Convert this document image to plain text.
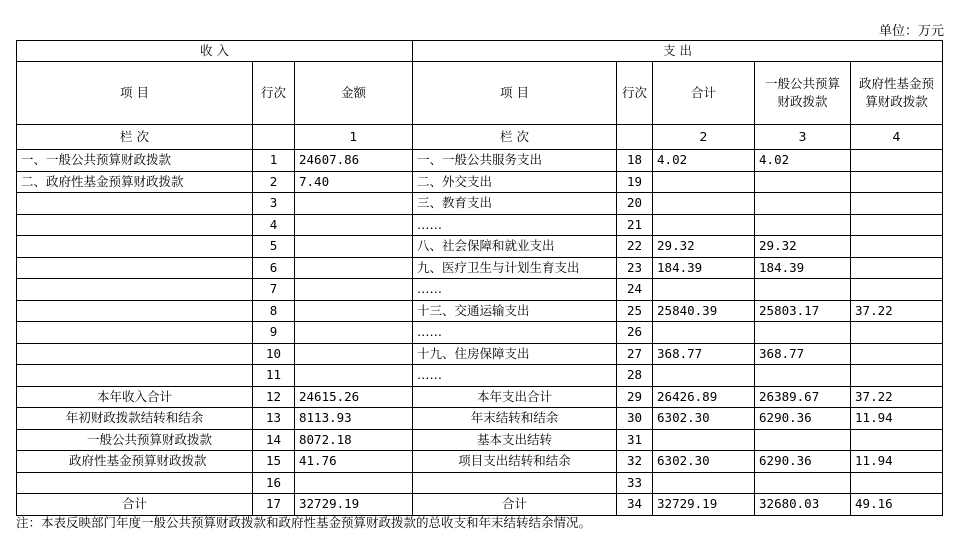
单位：万元
收 入			支 出				
项 目	行次	金额	项 目	行次	合计	一般公共预算财政拨款	政府性基金预算财政拨款
栏 次		1	栏 次		2	3	4
一、一般公共预算财政拨款	1	24607.86	一、一般公共服务支出	18	4.02	4.02	
二、政府性基金预算财政拨款	2	7.40	二、外交支出	19			
	3		三、教育支出	20			
	4		……	21			
	5		八、社会保障和就业支出	22	29.32	29.32	
	6		九、医疗卫生与计划生育支出	23	184.39	184.39	
	7		……	24			
	8		十三、交通运输支出	25	25840.39	25803.17	37.22
	9		……	26			
	10		十九、住房保障支出	27	368.77	368.77	
	11		……	28			
本年收入合计	12	24615.26	本年支出合计	29	26426.89	26389.67	37.22
年初财政拨款结转和结余	13	8113.93	年末结转和结余	30	6302.30	6290.36	11.94
一般公共预算财政拨款	14	8072.18	基本支出结转	31			
政府性基金预算财政拨款	15	41.76	项目支出结转和结余	32	6302.30	6290.36	11.94
	16			33			
合计	17	32729.19	合计	34	32729.19	32680.03	49.16
注：本表反映部门年度一般公共预算财政拨款和政府性基金预算财政拨款的总收支和年末结转结余情况。
